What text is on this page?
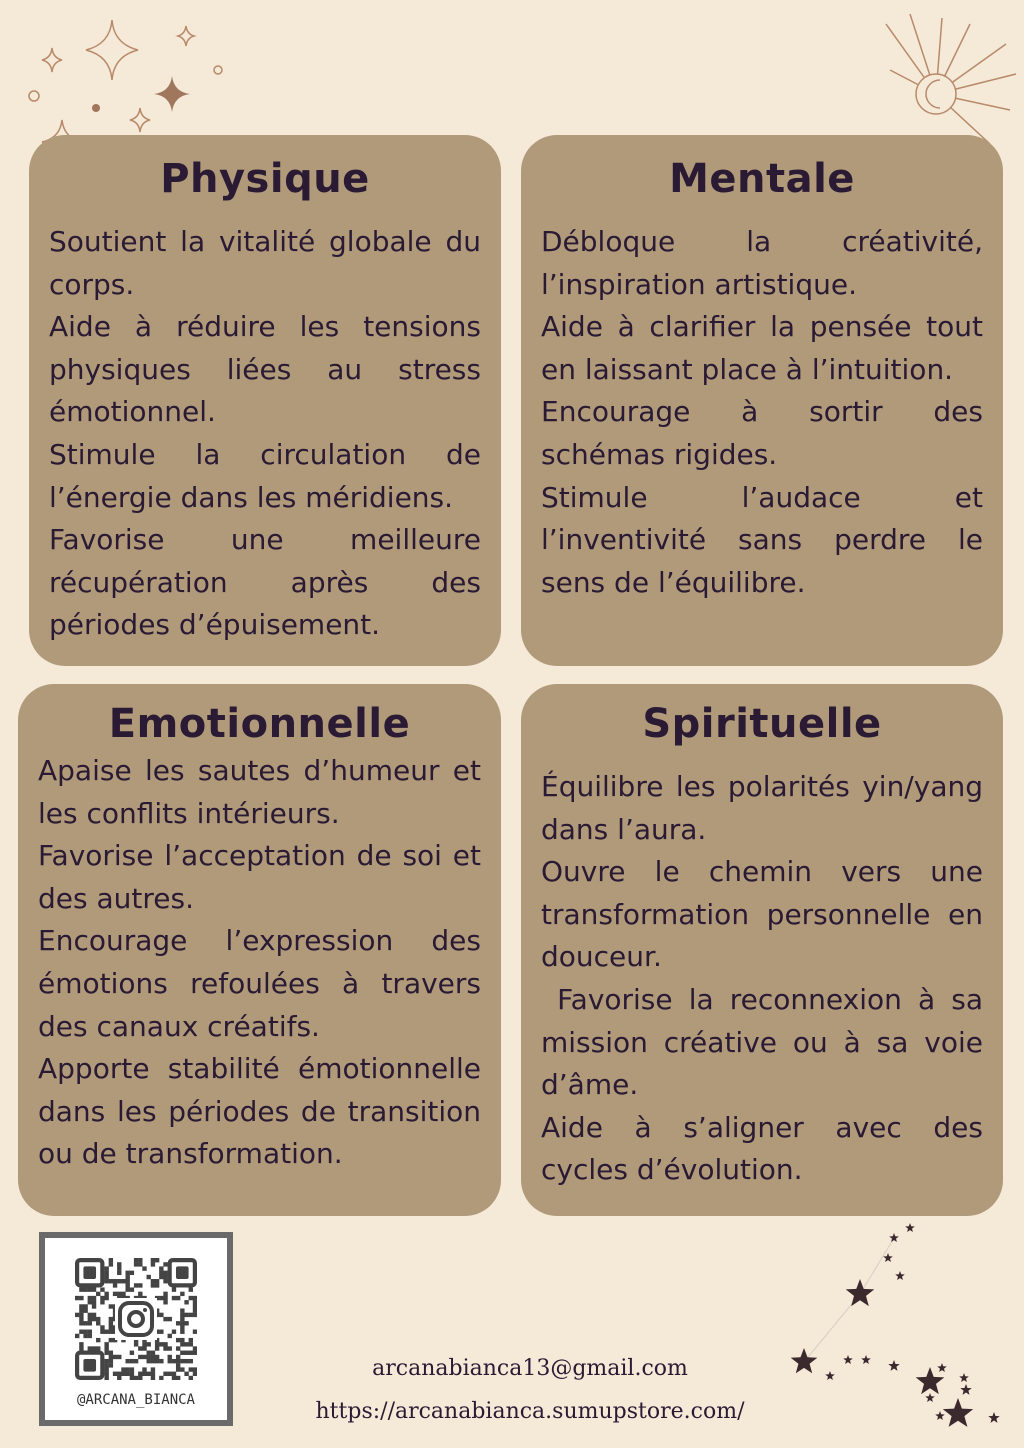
Physique

Soutient la vitalité globale du corps.

Aide à réduire les tensions physiques liées au stress émotionnel.

Stimule la circulation de l’énergie dans les méridiens.

Favorise une meilleure récupération après des périodes d’épuisement.

Mentale

Débloque la créativité, l’inspiration artistique.

Aide à clarifier la pensée tout en laissant place à l’intuition.

Encourage à sortir des schémas rigides.

Stimule l’audace et l’inventivité sans perdre le sens de l’équilibre.

Emotionnelle

Apaise les sautes d’humeur et les conflits intérieurs.

Favorise l’acceptation de soi et des autres.

Encourage l’expression des émotions refoulées à travers des canaux créatifs.

Apporte stabilité émotionnelle dans les périodes de transition ou de transformation.

Spirituelle

Équilibre les polarités yin/yang dans l’aura.

Ouvre le chemin vers une transformation personnelle en douceur.

Favorise la reconnexion à sa mission créative ou à sa voie d’âme.

Aide à s’aligner avec des cycles d’évolution.

@ARCANA_BIANCA
arcanabianca13@gmail.com
https://arcanabianca.sumupstore.com/
